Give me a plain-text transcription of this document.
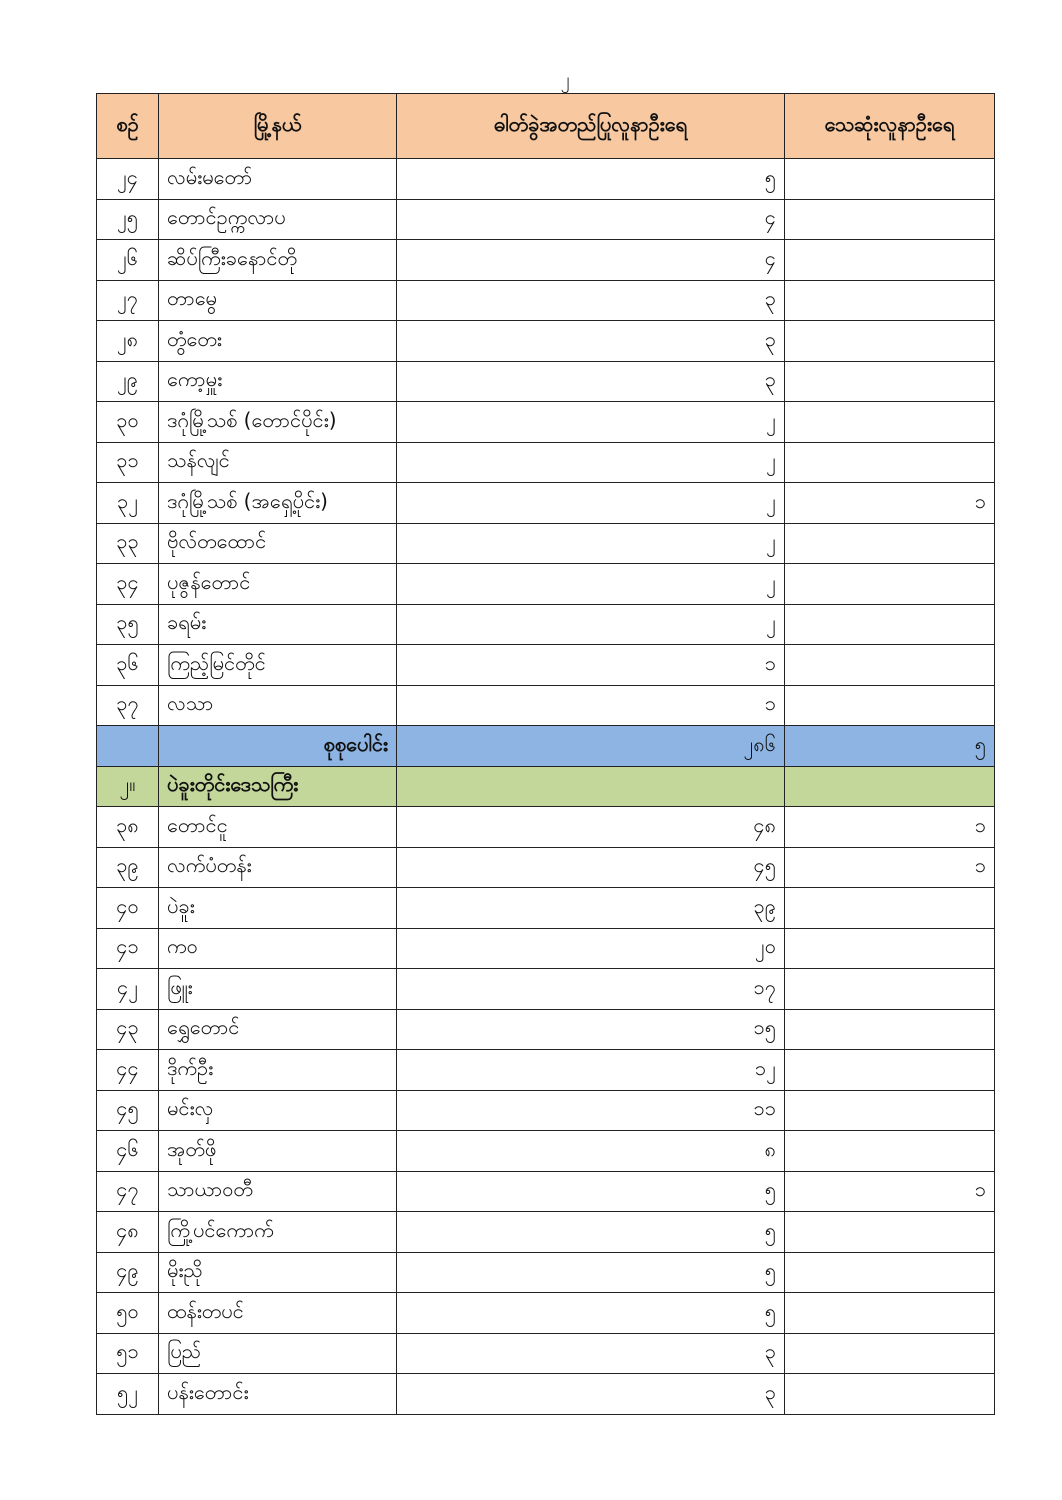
၂
စဉ်	မြို့နယ်	ဓါတ်ခွဲအတည်ပြုလူနာဦးရေ	သေဆုံးလူနာဦးရေ
၂၄	လမ်းမတော်	၅	
၂၅	တောင်ဥက္ကလာပ	၄	
၂၆	ဆိပ်ကြီးခနောင်တို	၄	
၂၇	တာမွေ	၃	
၂၈	တွံတေး	၃	
၂၉	ကော့မှူး	၃	
၃၀	ဒဂုံမြို့သစ် (တောင်ပိုင်း)	၂	
၃၁	သန်လျင်	၂	
၃၂	ဒဂုံမြို့သစ် (အရှေ့ပိုင်း)	၂	၁
၃၃	ဗိုလ်တထောင်	၂	
၃၄	ပုဇွန်တောင်	၂	
၃၅	ခရမ်း	၂	
၃၆	ကြည့်မြင်တိုင်	၁	
၃၇	လသာ	၁	
	စုစုပေါင်း	၂၈၆	၅
၂။	ပဲခူးတိုင်းဒေသကြီး		
၃၈	တောင်ငူ	၄၈	၁
၃၉	လက်ပံတန်း	၄၅	၁
၄၀	ပဲခူး	၃၉	
၄၁	ကဝ	၂၀	
၄၂	ဖြူး	၁၇	
၄၃	ရွှေတောင်	၁၅	
၄၄	ဒိုက်ဦး	၁၂	
၄၅	မင်းလှ	၁၁	
၄၆	အုတ်ဖို	၈	
၄၇	သာယာဝတီ	၅	၁
၄၈	ကြို့ပင်ကောက်	၅	
၄၉	မိုးညို	၅	
၅၀	ထန်းတပင်	၅	
၅၁	ပြည်	၃	
၅၂	ပန်းတောင်း	၃	
